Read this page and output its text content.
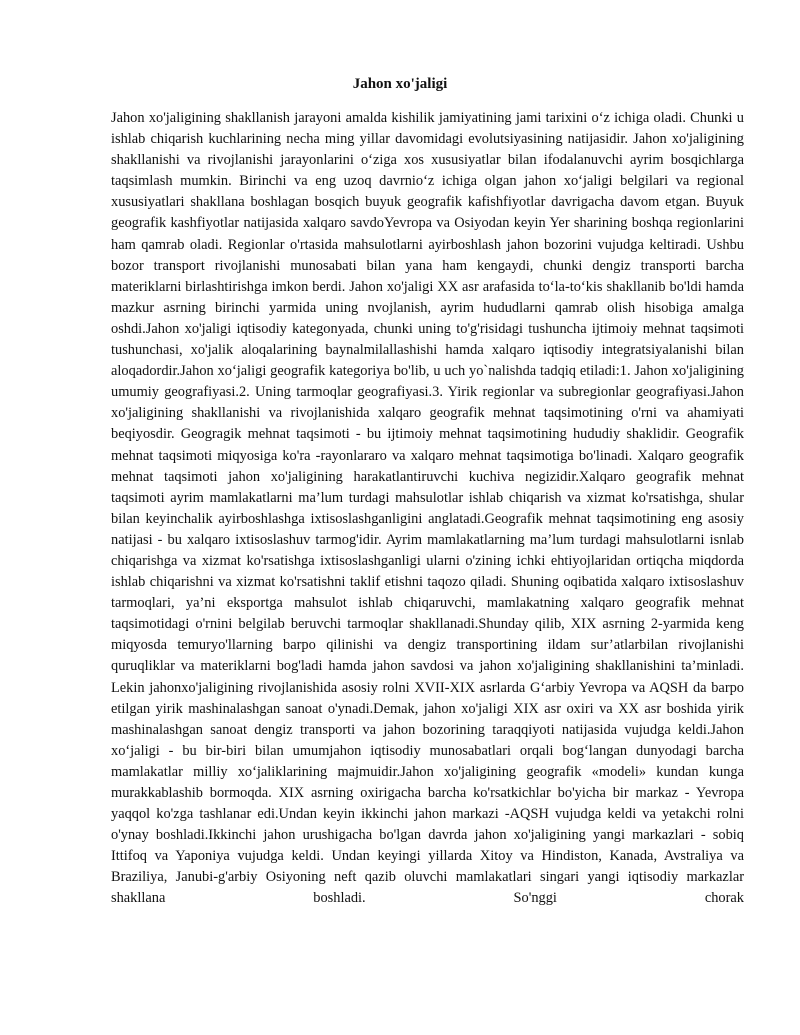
Jahon xo'jaligi

Jahon xo'jaligining shakllanish jarayoni amalda kishilik jamiyatining jami tarixini o‘z ichiga oladi. Chunki u ishlab chiqarish kuchlarining necha ming yillar davomidagi evolutsiyasining natijasidir. Jahon xo'jaligining shakllanishi va rivojlanishi jarayonlarini o‘ziga xos xususiyatlar bilan ifodalanuvchi ayrim bosqichlarga taqsimlash mumkin. Birinchi va eng uzoq davrnio‘z ichiga olgan jahon xo‘jaligi belgilari va regional xususiyatlari shakllana boshlagan bosqich buyuk geografik kafishfiyotlar davrigacha davom etgan. Buyuk geografik kashfiyotlar natijasida xalqaro savdoYevropa va Osiyodan keyin Yer sharining boshqa regionlarini ham qamrab oladi. Regionlar o'rtasida mahsulotlarni ayirboshlash jahon bozorini vujudga keltiradi. Ushbu bozor transport rivojlanishi munosabati bilan yana ham kengaydi, chunki dengiz transporti barcha materiklarni birlashtirishga imkon berdi. Jahon xo'jaligi XX asr arafasida to‘la-to‘kis shakllanib bo'ldi hamda mazkur asrning birinchi yarmida uning nvojlanish, ayrim hududlarni qamrab olish hisobiga amalga oshdi.Jahon xo'jaligi iqtisodiy kategonyada, chunki uning to'g'risidagi tushuncha ijtimoiy mehnat taqsimoti tushunchasi, xo'jalik aloqalarining baynalmilallashishi hamda xalqaro iqtisodiy integratsiyalanishi bilan aloqadordir.Jahon xo‘jaligi geografik kategoriya bo'lib, u uch yo`nalishda tadqiq etiladi:1. Jahon xo'jaligining umumiy geografiyasi.2. Uning tarmoqlar geografiyasi.3. Yirik regionlar va subregionlar geografiyasi.Jahon xo'jaligining shakllanishi va rivojlanishida xalqaro geografik mehnat taqsimotining o'rni va ahamiyati beqiyosdir. Geogragik mehnat taqsimoti - bu ijtimoiy mehnat taqsimotining hududiy shaklidir. Geografik mehnat taqsimoti miqyosiga ko'ra -rayonlararo va xalqaro mehnat taqsimotiga bo'linadi. Xalqaro geografik mehnat taqsimoti jahon xo'jaligining harakatlantiruvchi kuchiva negizidir.Xalqaro geografik mehnat taqsimoti ayrim mamlakatlarni ma’lum turdagi mahsulotlar ishlab chiqarish va xizmat ko'rsatishga, shular bilan keyinchalik ayirboshlashga ixtisoslashganligini anglatadi.Geografik mehnat taqsimotining eng asosiy natijasi - bu xalqaro ixtisoslashuv tarmog'idir. Ayrim mamlakatlarning ma’lum turdagi mahsulotlarni isnlab chiqarishga va xizmat ko'rsatishga ixtisoslashganligi ularni o'zining ichki ehtiyojlaridan ortiqcha miqdorda ishlab chiqarishni va xizmat ko'rsatishni taklif etishni taqozo qiladi. Shuning oqibatida xalqaro ixtisoslashuv tarmoqlari, ya’ni eksportga mahsulot ishlab chiqaruvchi, mamlakatning xalqaro geografik mehnat taqsimotidagi o'rnini belgilab beruvchi tarmoqlar shakllanadi.Shunday qilib, XIX asrning 2-yarmida keng miqyosda temuryo'llarning barpo qilinishi va dengiz transportining ildam sur’atlarbilan rivojlanishi quruqliklar va materiklarni bog'ladi hamda jahon savdosi va jahon xo'jaligining shakllanishini ta’minladi. Lekin jahonxo'jaligining rivojlanishida asosiy rolni XVII-XIX asrlarda G‘arbiy Yevropa va AQSH da barpo etilgan yirik mashinalashgan sanoat o'ynadi.Demak, jahon xo'jaligi XIX asr oxiri va XX asr boshida yirik mashinalashgan sanoat dengiz transporti va jahon bozorining taraqqiyoti natijasida vujudga keldi.Jahon xo‘jaligi - bu bir-biri bilan umumjahon iqtisodiy munosabatlari orqali bog‘langan dunyodagi barcha mamlakatlar milliy xo‘jaliklarining majmuidir.Jahon xo'jaligining geografik «modeli» kundan kunga murakkablashib bormoqda. XIX asrning oxirigacha barcha ko'rsatkichlar bo'yicha bir markaz - Yevropa yaqqol ko'zga tashlanar edi.Undan keyin ikkinchi jahon markazi -AQSH vujudga keldi va yetakchi rolni o'ynay boshladi.Ikkinchi jahon urushigacha bo'lgan davrda jahon xo'jaligining yangi markazlari - sobiq Ittifoq va Yaponiya vujudga keldi. Undan keyingi yillarda Xitoy va Hindiston, Kanada, Avstraliya va Braziliya, Janubi-g'arbiy Osiyoning neft qazib oluvchi mamlakatlari singari yangi iqtisodiy markazlar shakllana boshladi. So'nggi chorak
